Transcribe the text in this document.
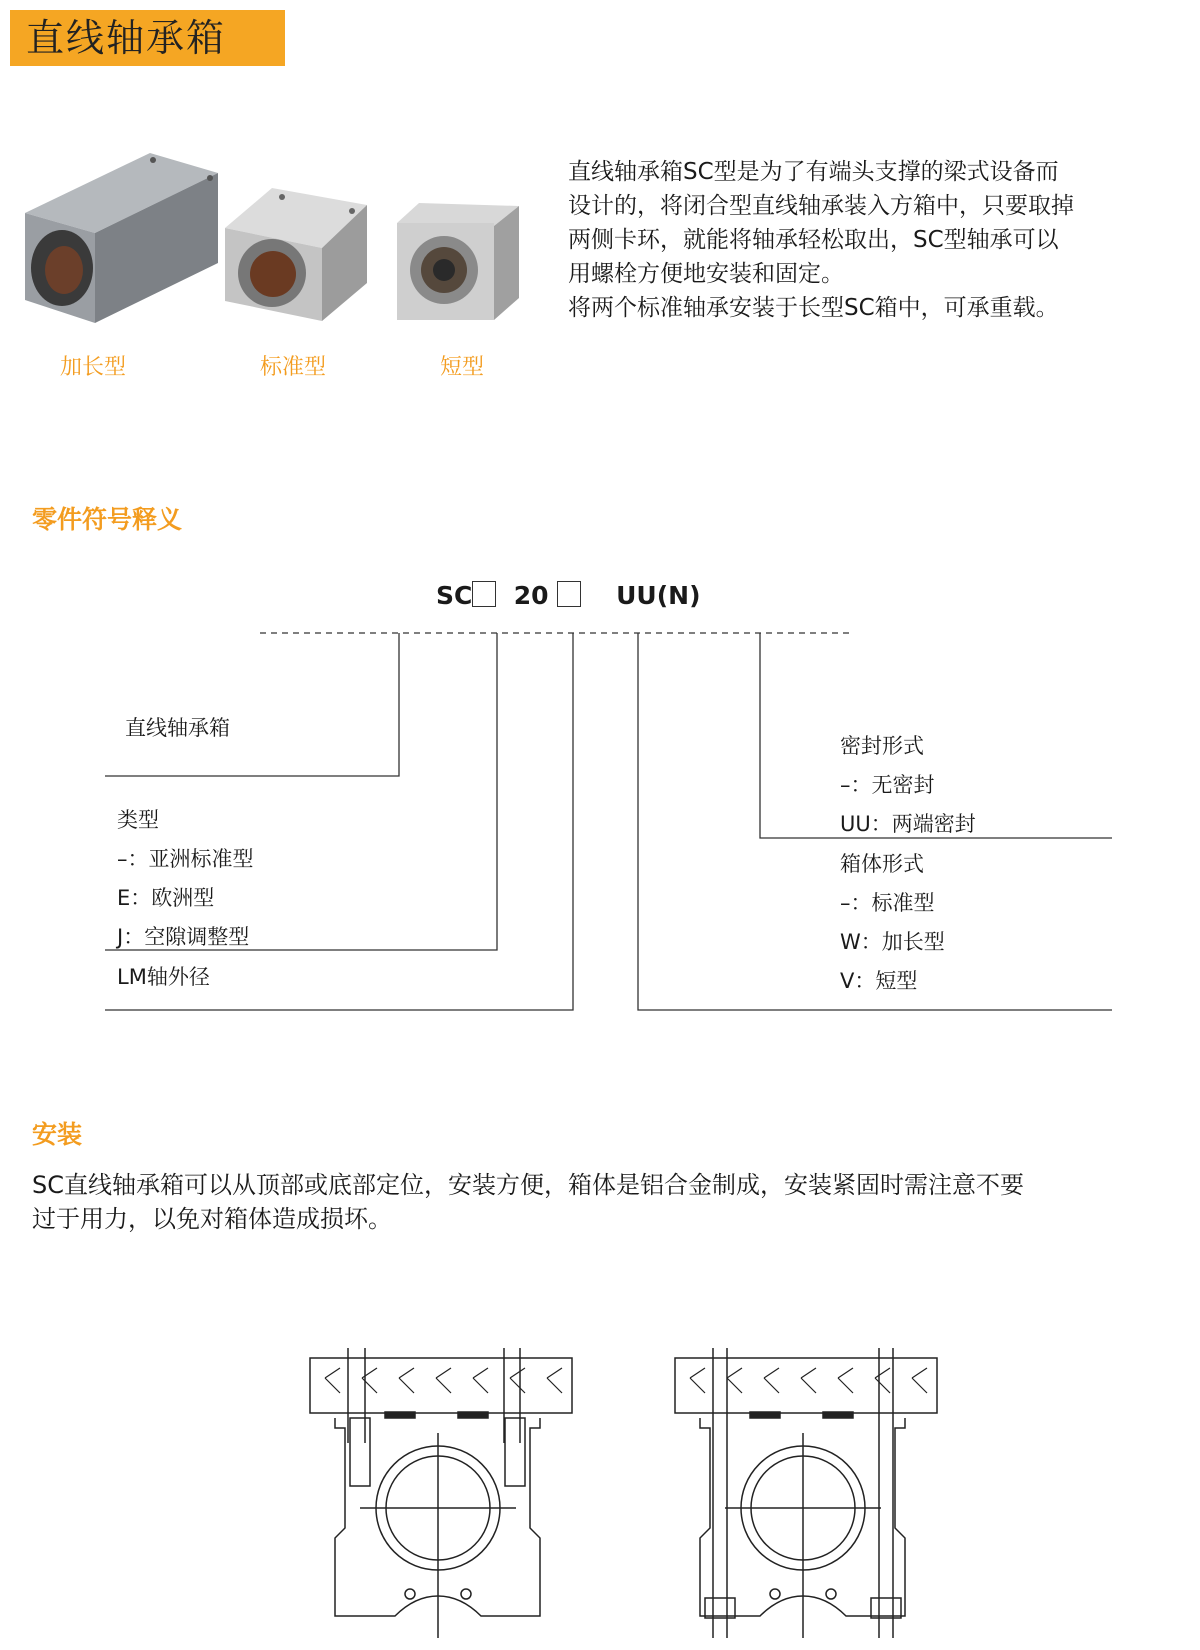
直线轴承箱
加长型	标准型	短型

直线轴承箱SC型是为了有端头支撑的梁式设备而

设计的，将闭合型直线轴承装入方箱中，只要取掉

两侧卡环，就能将轴承轻松取出，SC型轴承可以

用螺栓方便地安装和固定。

将两个标准轴承安装于长型SC箱中，可承重载。

零件符号释义
SC 20	UU(N)
直线轴承箱
类型
–：亚洲标准型
E：欧洲型
J：空隙调整型
LM轴外径
密封形式
–：无密封
UU：两端密封
箱体形式
–：标准型
W：加长型
V：短型
安装

SC直线轴承箱可以从顶部或底部定位，安装方便，箱体是铝合金制成，安装紧固时需注意不要

过于用力，以免对箱体造成损坏。
